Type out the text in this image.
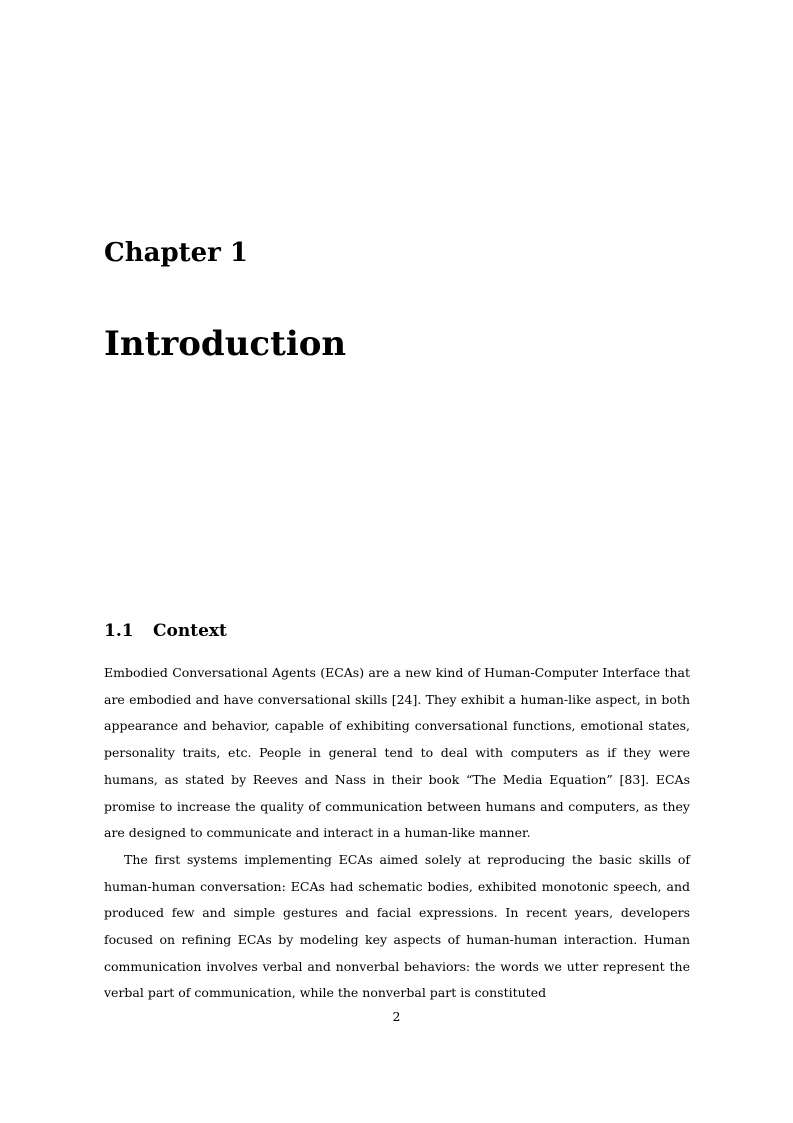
Chapter 1
Introduction
1.1 Context

Embodied Conversational Agents (ECAs) are a new kind of Human-Computer Interface that are embodied and have conversational skills [24]. They exhibit a human-like aspect, in both appearance and behavior, capable of exhibiting conversational functions, emotional states, personality traits, etc. People in general tend to deal with computers as if they were humans, as stated by Reeves and Nass in their book “The Media Equation” [83]. ECAs promise to increase the quality of communication between humans and computers, as they are designed to communicate and interact in a human-like manner.

The first systems implementing ECAs aimed solely at reproducing the basic skills of human-human conversation: ECAs had schematic bodies, exhibited monotonic speech, and produced few and simple gestures and facial expressions. In recent years, developers focused on refining ECAs by modeling key aspects of human-human interaction. Human communication involves verbal and nonverbal behaviors: the words we utter represent the verbal part of communication, while the nonverbal part is constituted

2
